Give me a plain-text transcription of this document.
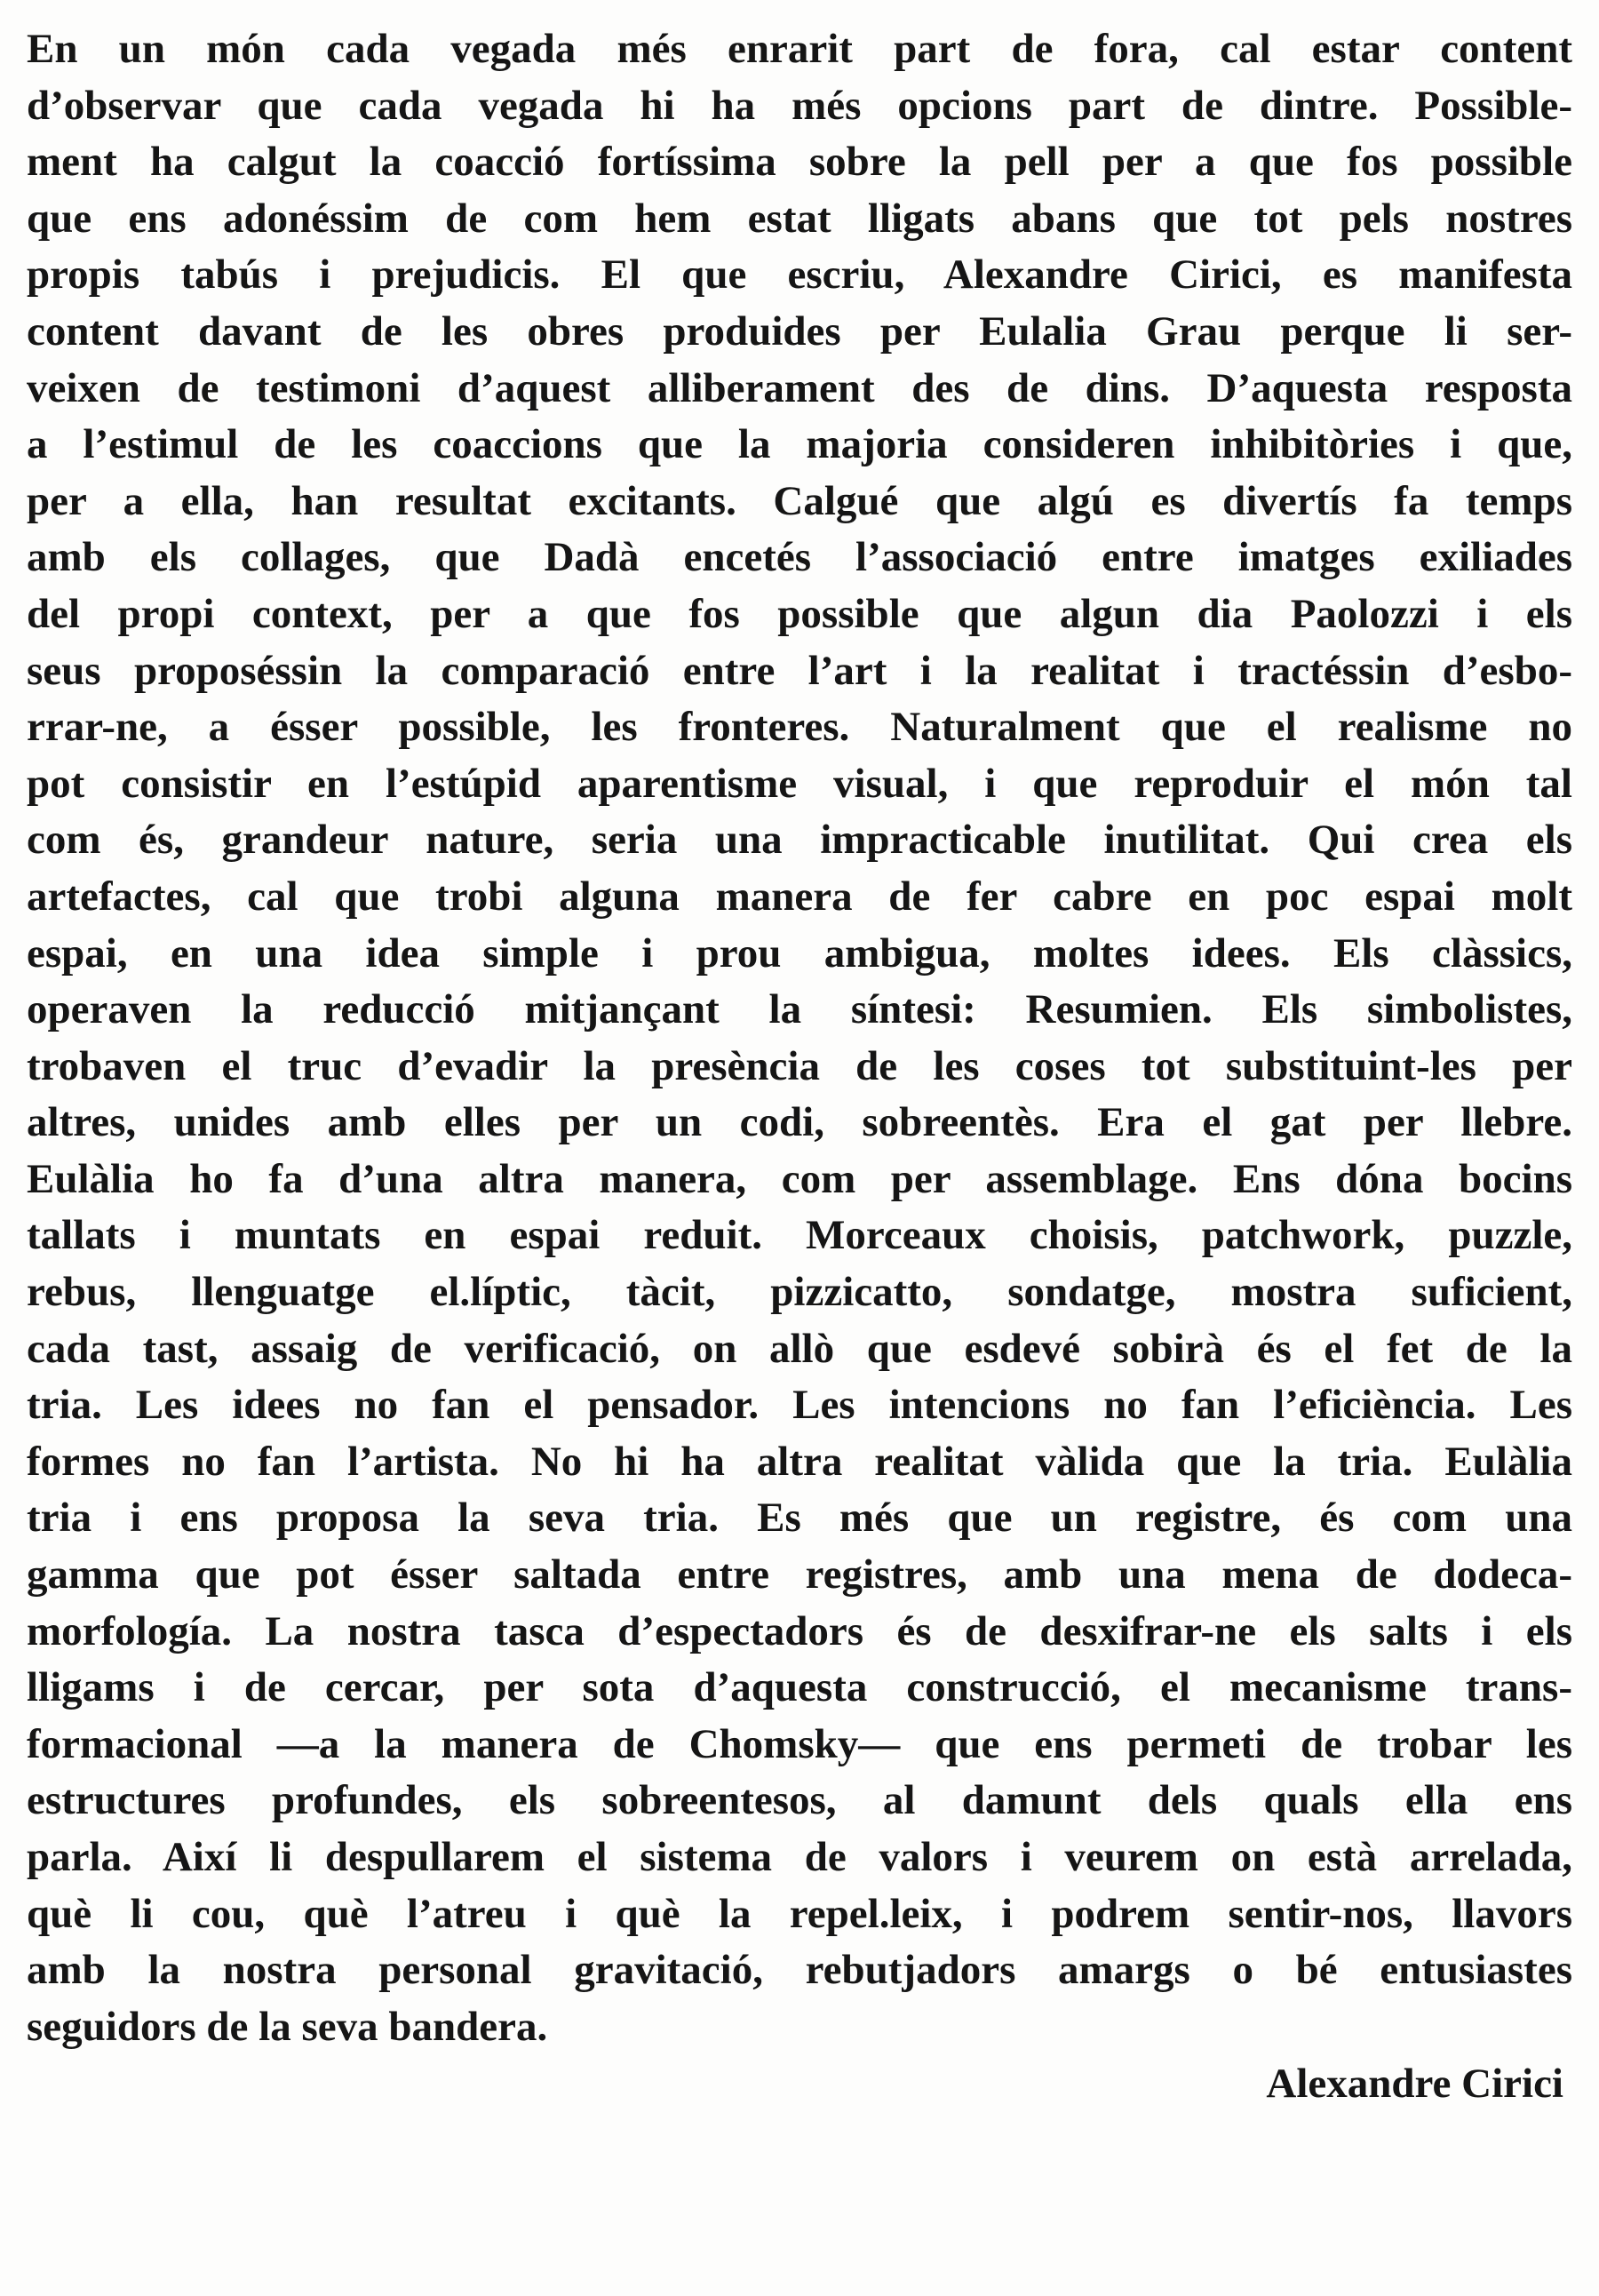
En un món cada vegada més enrarit part de fora, cal estar content
d’observar que cada vegada hi ha més opcions part de dintre. Possible-
ment ha calgut la coacció fortíssima sobre la pell per a que fos possible
que ens adonéssim de com hem estat lligats abans que tot pels nostres
propis tabús i prejudicis. El que escriu, Alexandre Cirici, es manifesta
content davant de les obres produides per Eulalia Grau perque li ser-
veixen de testimoni d’aquest alliberament des de dins. D’aquesta resposta
a l’estimul de les coaccions que la majoria consideren inhibitòries i que,
per a ella, han resultat excitants. Calgué que algú es divertís fa temps
amb els collages, que Dadà encetés l’associació entre imatges exiliades
del propi context, per a que fos possible que algun dia Paolozzi i els
seus proposéssin la comparació entre l’art i la realitat i tractéssin d’esbo-
rrar-ne, a ésser possible, les fronteres. Naturalment que el realisme no
pot consistir en l’estúpid aparentisme visual, i que reproduir el món tal
com és, grandeur nature, seria una impracticable inutilitat. Qui crea els
artefactes, cal que trobi alguna manera de fer cabre en poc espai molt
espai, en una idea simple i prou ambigua, moltes idees. Els clàssics,
operaven la reducció mitjançant la síntesi: Resumien. Els simbolistes,
trobaven el truc d’evadir la presència de les coses tot substituint-les per
altres, unides amb elles per un codi, sobreentès. Era el gat per llebre.
Eulàlia ho fa d’una altra manera, com per assemblage. Ens dóna bocins
tallats i muntats en espai reduit. Morceaux choisis, patchwork, puzzle,
rebus, llenguatge el.líptic, tàcit, pizzicatto, sondatge, mostra suficient,
cada tast, assaig de verificació, on allò que esdevé sobirà és el fet de la
tria. Les idees no fan el pensador. Les intencions no fan l’eficiència. Les
formes no fan l’artista. No hi ha altra realitat vàlida que la tria. Eulàlia
tria i ens proposa la seva tria. Es més que un registre, és com una
gamma que pot ésser saltada entre registres, amb una mena de dodeca-
morfología. La nostra tasca d’espectadors és de desxifrar-ne els salts i els
lligams i de cercar, per sota d’aquesta construcció, el mecanisme trans-
formacional —a la manera de Chomsky— que ens permeti de trobar les
estructures profundes, els sobreentesos, al damunt dels quals ella ens
parla. Així li despullarem el sistema de valors i veurem on està arrelada,
què li cou, què l’atreu i què la repel.leix, i podrem sentir-nos, llavors
amb la nostra personal gravitació, rebutjadors amargs o bé entusiastes
seguidors de la seva bandera.
Alexandre Cirici
